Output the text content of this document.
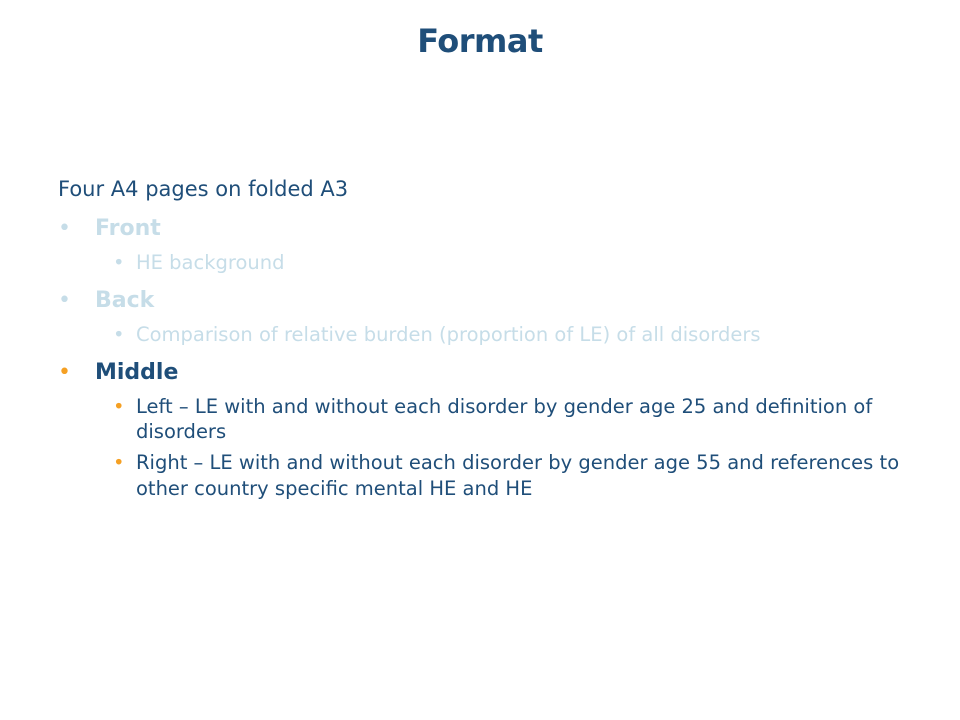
Format
Four A4 pages on folded A3
• Front
• HE background
• Back
• Comparison of relative burden (proportion of LE) of all disorders
• Middle
• Left – LE with and without each disorder by gender age 25 and definition of disorders
• Right – LE with and without each disorder by gender age 55 and references to other country specific mental HE and HE
